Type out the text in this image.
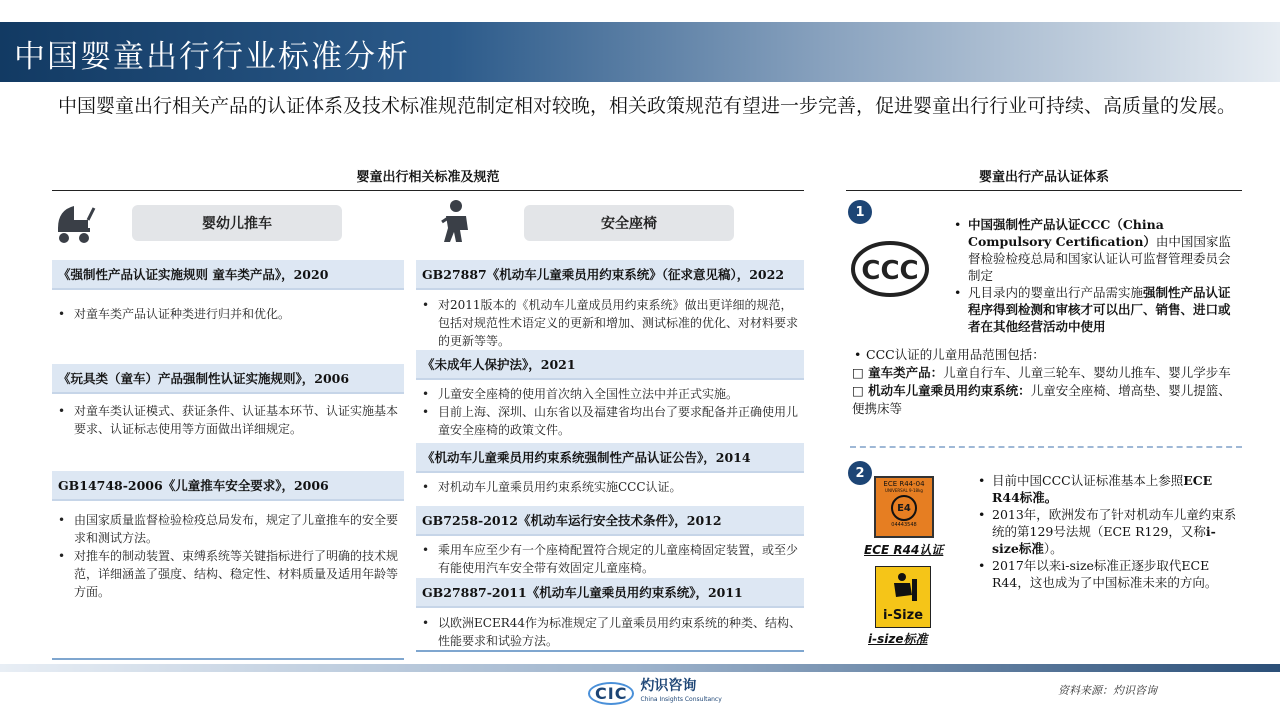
中国婴童出行行业标准分析
中国婴童出行相关产品的认证体系及技术标准规范制定相对较晚，相关政策规范有望进一步完善，促进婴童出行行业可持续、高质量的发展。
婴童出行相关标准及规范
婴幼儿推车	安全座椅
《强制性产品认证实施规则 童车类产品》，2020
• 对童车类产品认证种类进行归并和优化。
《玩具类（童车）产品强制性认证实施规则》，2006
• 对童车类认证模式、获证条件、认证基本环节、认证实施基本要求、认证标志使用等方面做出详细规定。
GB14748-2006《儿童推车安全要求》，2006
• 由国家质量监督检验检疫总局发布，规定了儿童推车的安全要求和测试方法。
• 对推车的制动装置、束缚系统等关键指标进行了明确的技术规范，详细涵盖了强度、结构、稳定性、材料质量及适用年龄等方面。
GB27887《机动车儿童乘员用约束系统》（征求意见稿），2022
• 对2011版本的《机动车儿童成员用约束系统》做出更详细的规范，包括对规范性术语定义的更新和增加、测试标准的优化、对材料要求的更新等等。
《未成年人保护法》，2021
• 儿童安全座椅的使用首次纳入全国性立法中并正式实施。
• 目前上海、深圳、山东省以及福建省均出台了要求配备并正确使用儿童安全座椅的政策文件。
《机动车儿童乘员用约束系统强制性产品认证公告》，2014
• 对机动车儿童乘员用约束系统实施CCC认证。
GB7258-2012《机动车运行安全技术条件》，2012
• 乘用车应至少有一个座椅配置符合规定的儿童座椅固定装置，或至少有能使用汽车安全带有效固定儿童座椅。
GB27887-2011《机动车儿童乘员用约束系统》，2011
• 以欧洲ECER44作为标准规定了儿童乘员用约束系统的种类、结构、性能要求和试验方法。
婴童出行产品认证体系
1
CCC
• 中国强制性产品认证CCC（China Compulsory Certification）由中国国家监督检验检疫总局和国家认证认可监督管理委员会制定
• 凡目录内的婴童出行产品需实施强制性产品认证程序得到检测和审核才可以出厂、销售、进口或者在其他经营活动中使用
• CCC认证的儿童用品范围包括：
□ 童车类产品：儿童自行车、儿童三轮车、婴幼儿推车、婴儿学步车
□ 机动车儿童乘员用约束系统：儿童安全座椅、增高垫、婴儿提篮、便携床等
2
ECE R44-04
UNIVERSAL 9-18kg
E4
04443548
ECE R44认证
i-Size
i-size标准
• 目前中国CCC认证标准基本上参照ECE R44标准。
• 2013年，欧洲发布了针对机动车儿童约束系统的第129号法规（ECE R129，又称i-size标准）。
• 2017年以来i-size标准正逐步取代ECE R44，这也成为了中国标准未来的方向。
CIC 灼识咨询
China Insights Consultancy
资料来源：灼识咨询
